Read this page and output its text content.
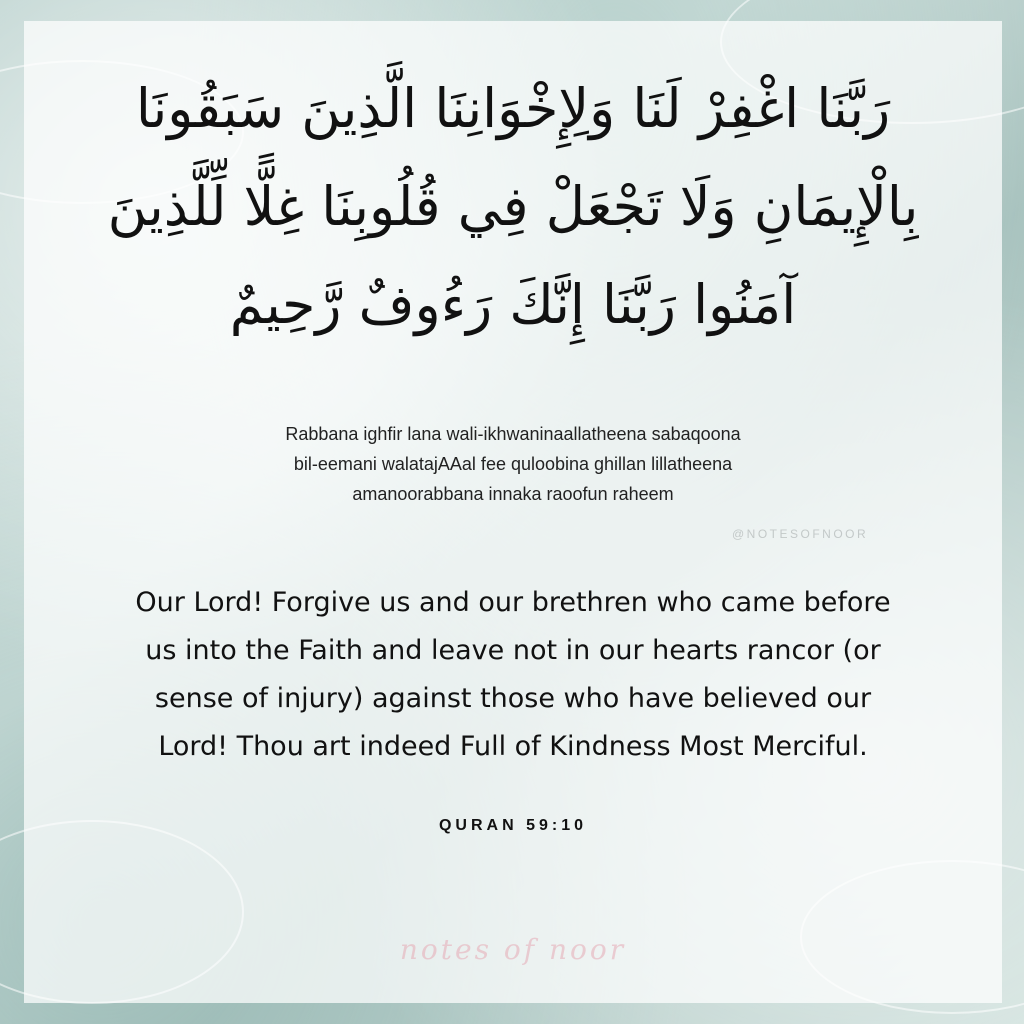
رَبَّنَا اغْفِرْ لَنَا وَلِإِخْوَانِنَا الَّذِينَ سَبَقُونَا
بِالْإِيمَانِ وَلَا تَجْعَلْ فِي قُلُوبِنَا غِلًّا لِّلَّذِينَ
آمَنُوا رَبَّنَا إِنَّكَ رَءُوفٌ رَّحِيمٌ
Rabbana ighfir lana wali-ikhwaninaallatheena sabaqoona
bil-eemani walatajAAal fee quloobina ghillan lillatheena
amanoorabbana innaka raoofun raheem
@NOTESOFNOOR
Our Lord! Forgive us and our brethren who came before
us into the Faith and leave not in our hearts rancor (or
sense of injury) against those who have believed our
Lord! Thou art indeed Full of Kindness Most Merciful.
QURAN 59:10
notes of noor
